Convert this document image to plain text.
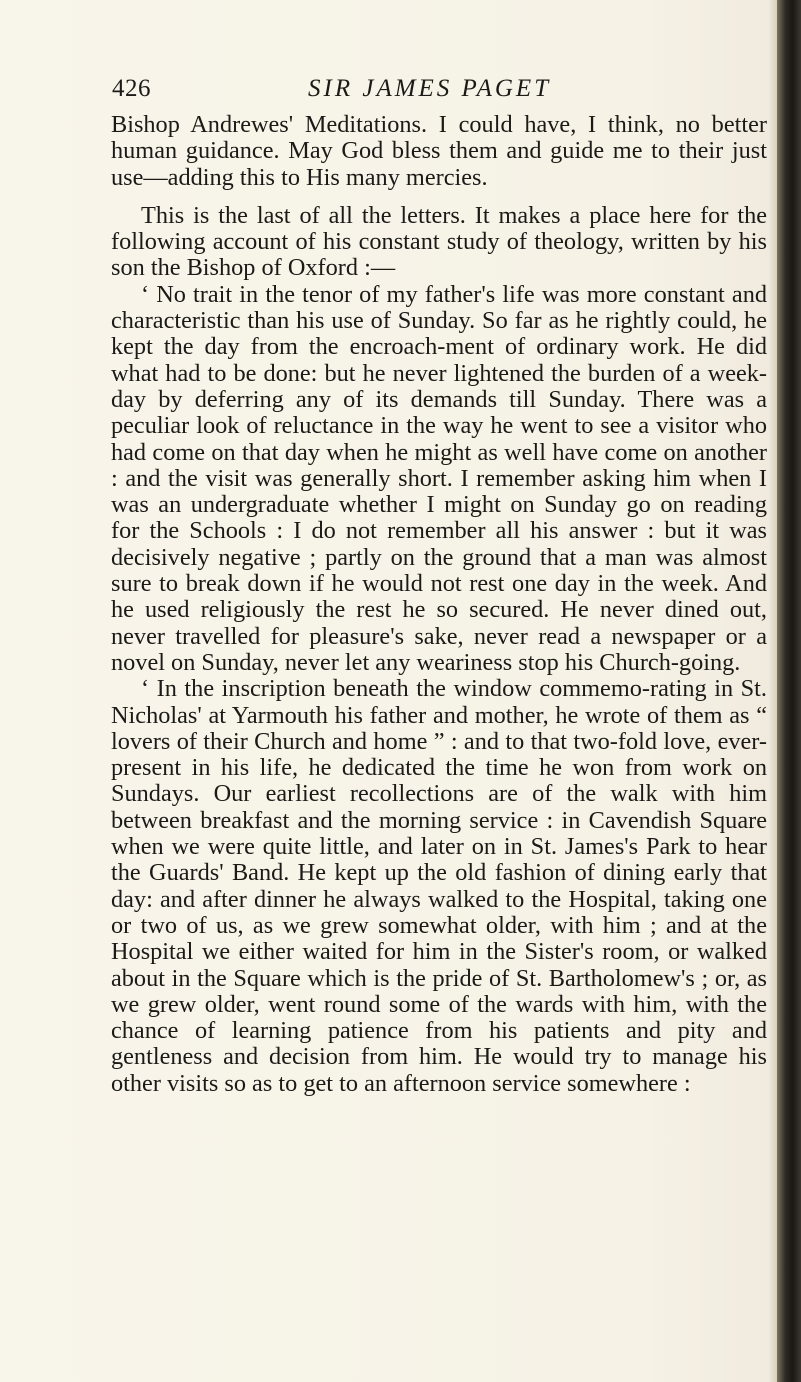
426	SIR JAMES PAGET

Bishop Andrewes' Meditations. I could have, I think, no better human guidance. May God bless them and guide me to their just use—adding this to His many mercies.

This is the last of all the letters. It makes a place here for the following account of his constant study of theology, written by his son the Bishop of Oxford :—

‘ No trait in the tenor of my father's life was more constant and characteristic than his use of Sunday. So far as he rightly could, he kept the day from the encroach-ment of ordinary work. He did what had to be done: but he never lightened the burden of a week-day by deferring any of its demands till Sunday. There was a peculiar look of reluctance in the way he went to see a visitor who had come on that day when he might as well have come on another : and the visit was generally short. I remember asking him when I was an undergraduate whether I might on Sunday go on reading for the Schools : I do not remember all his answer : but it was decisively negative ; partly on the ground that a man was almost sure to break down if he would not rest one day in the week. And he used religiously the rest he so secured. He never dined out, never travelled for pleasure's sake, never read a newspaper or a novel on Sunday, never let any weariness stop his Church-going.

‘ In the inscription beneath the window commemo-rating in St. Nicholas' at Yarmouth his father and mother, he wrote of them as “ lovers of their Church and home ” : and to that two-fold love, ever-present in his life, he dedicated the time he won from work on Sundays. Our earliest recollections are of the walk with him between breakfast and the morning service : in Cavendish Square when we were quite little, and later on in St. James's Park to hear the Guards' Band. He kept up the old fashion of dining early that day: and after dinner he always walked to the Hospital, taking one or two of us, as we grew somewhat older, with him ; and at the Hospital we either waited for him in the Sister's room, or walked about in the Square which is the pride of St. Bartholomew's ; or, as we grew older, went round some of the wards with him, with the chance of learning patience from his patients and pity and gentleness and decision from him. He would try to manage his other visits so as to get to an afternoon service somewhere :
